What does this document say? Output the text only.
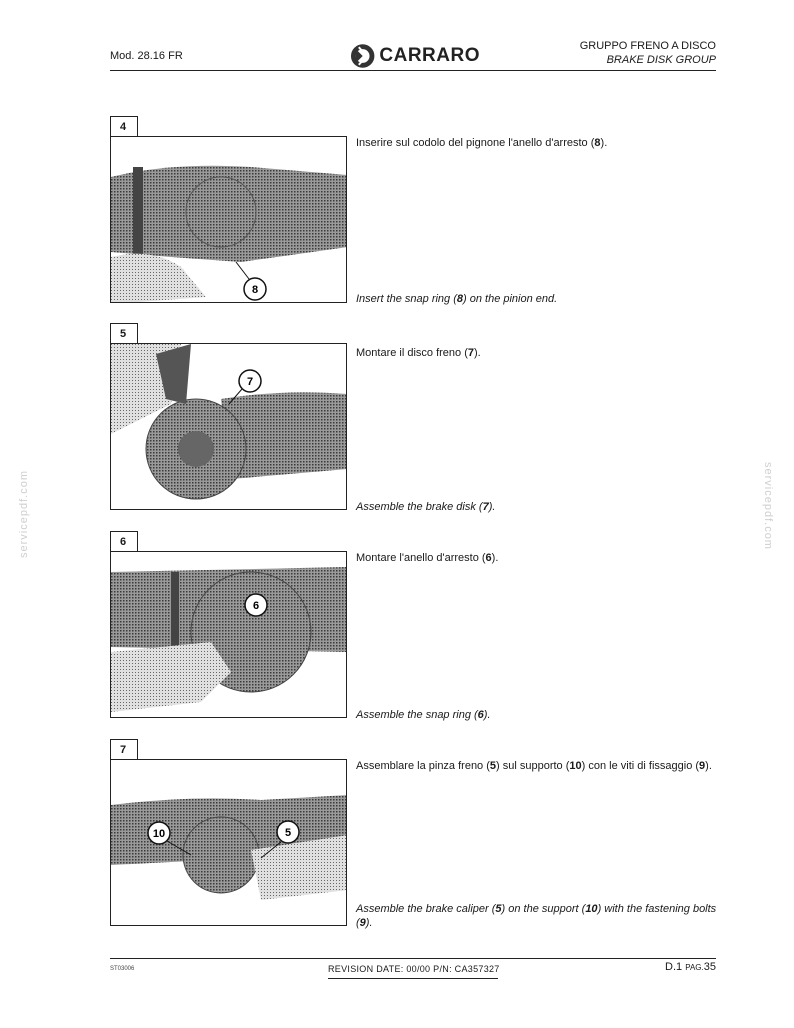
Mod. 28.16 FR	CARRARO	GRUPPO FRENO A DISCO
BRAKE DISK GROUP
4
8
Inserire sul codolo del pignone l'anello d'arresto (8).
Insert the snap ring (8) on the pinion end.
5
7
Montare il disco freno (7).
Assemble the brake disk (7).
6
6
Montare l'anello d'arresto (6).
Assemble the snap ring (6).
7
10	5
Assemblare la pinza freno (5) sul supporto (10) con le viti di fissaggio (9).
Assemble the brake caliper (5) on the support (10) with the fastening bolts (9).
servicepdf.com	servicepdf.com
ST03006	REVISION DATE: 00/00 P/N: CA357327	D.1 PAG.35
